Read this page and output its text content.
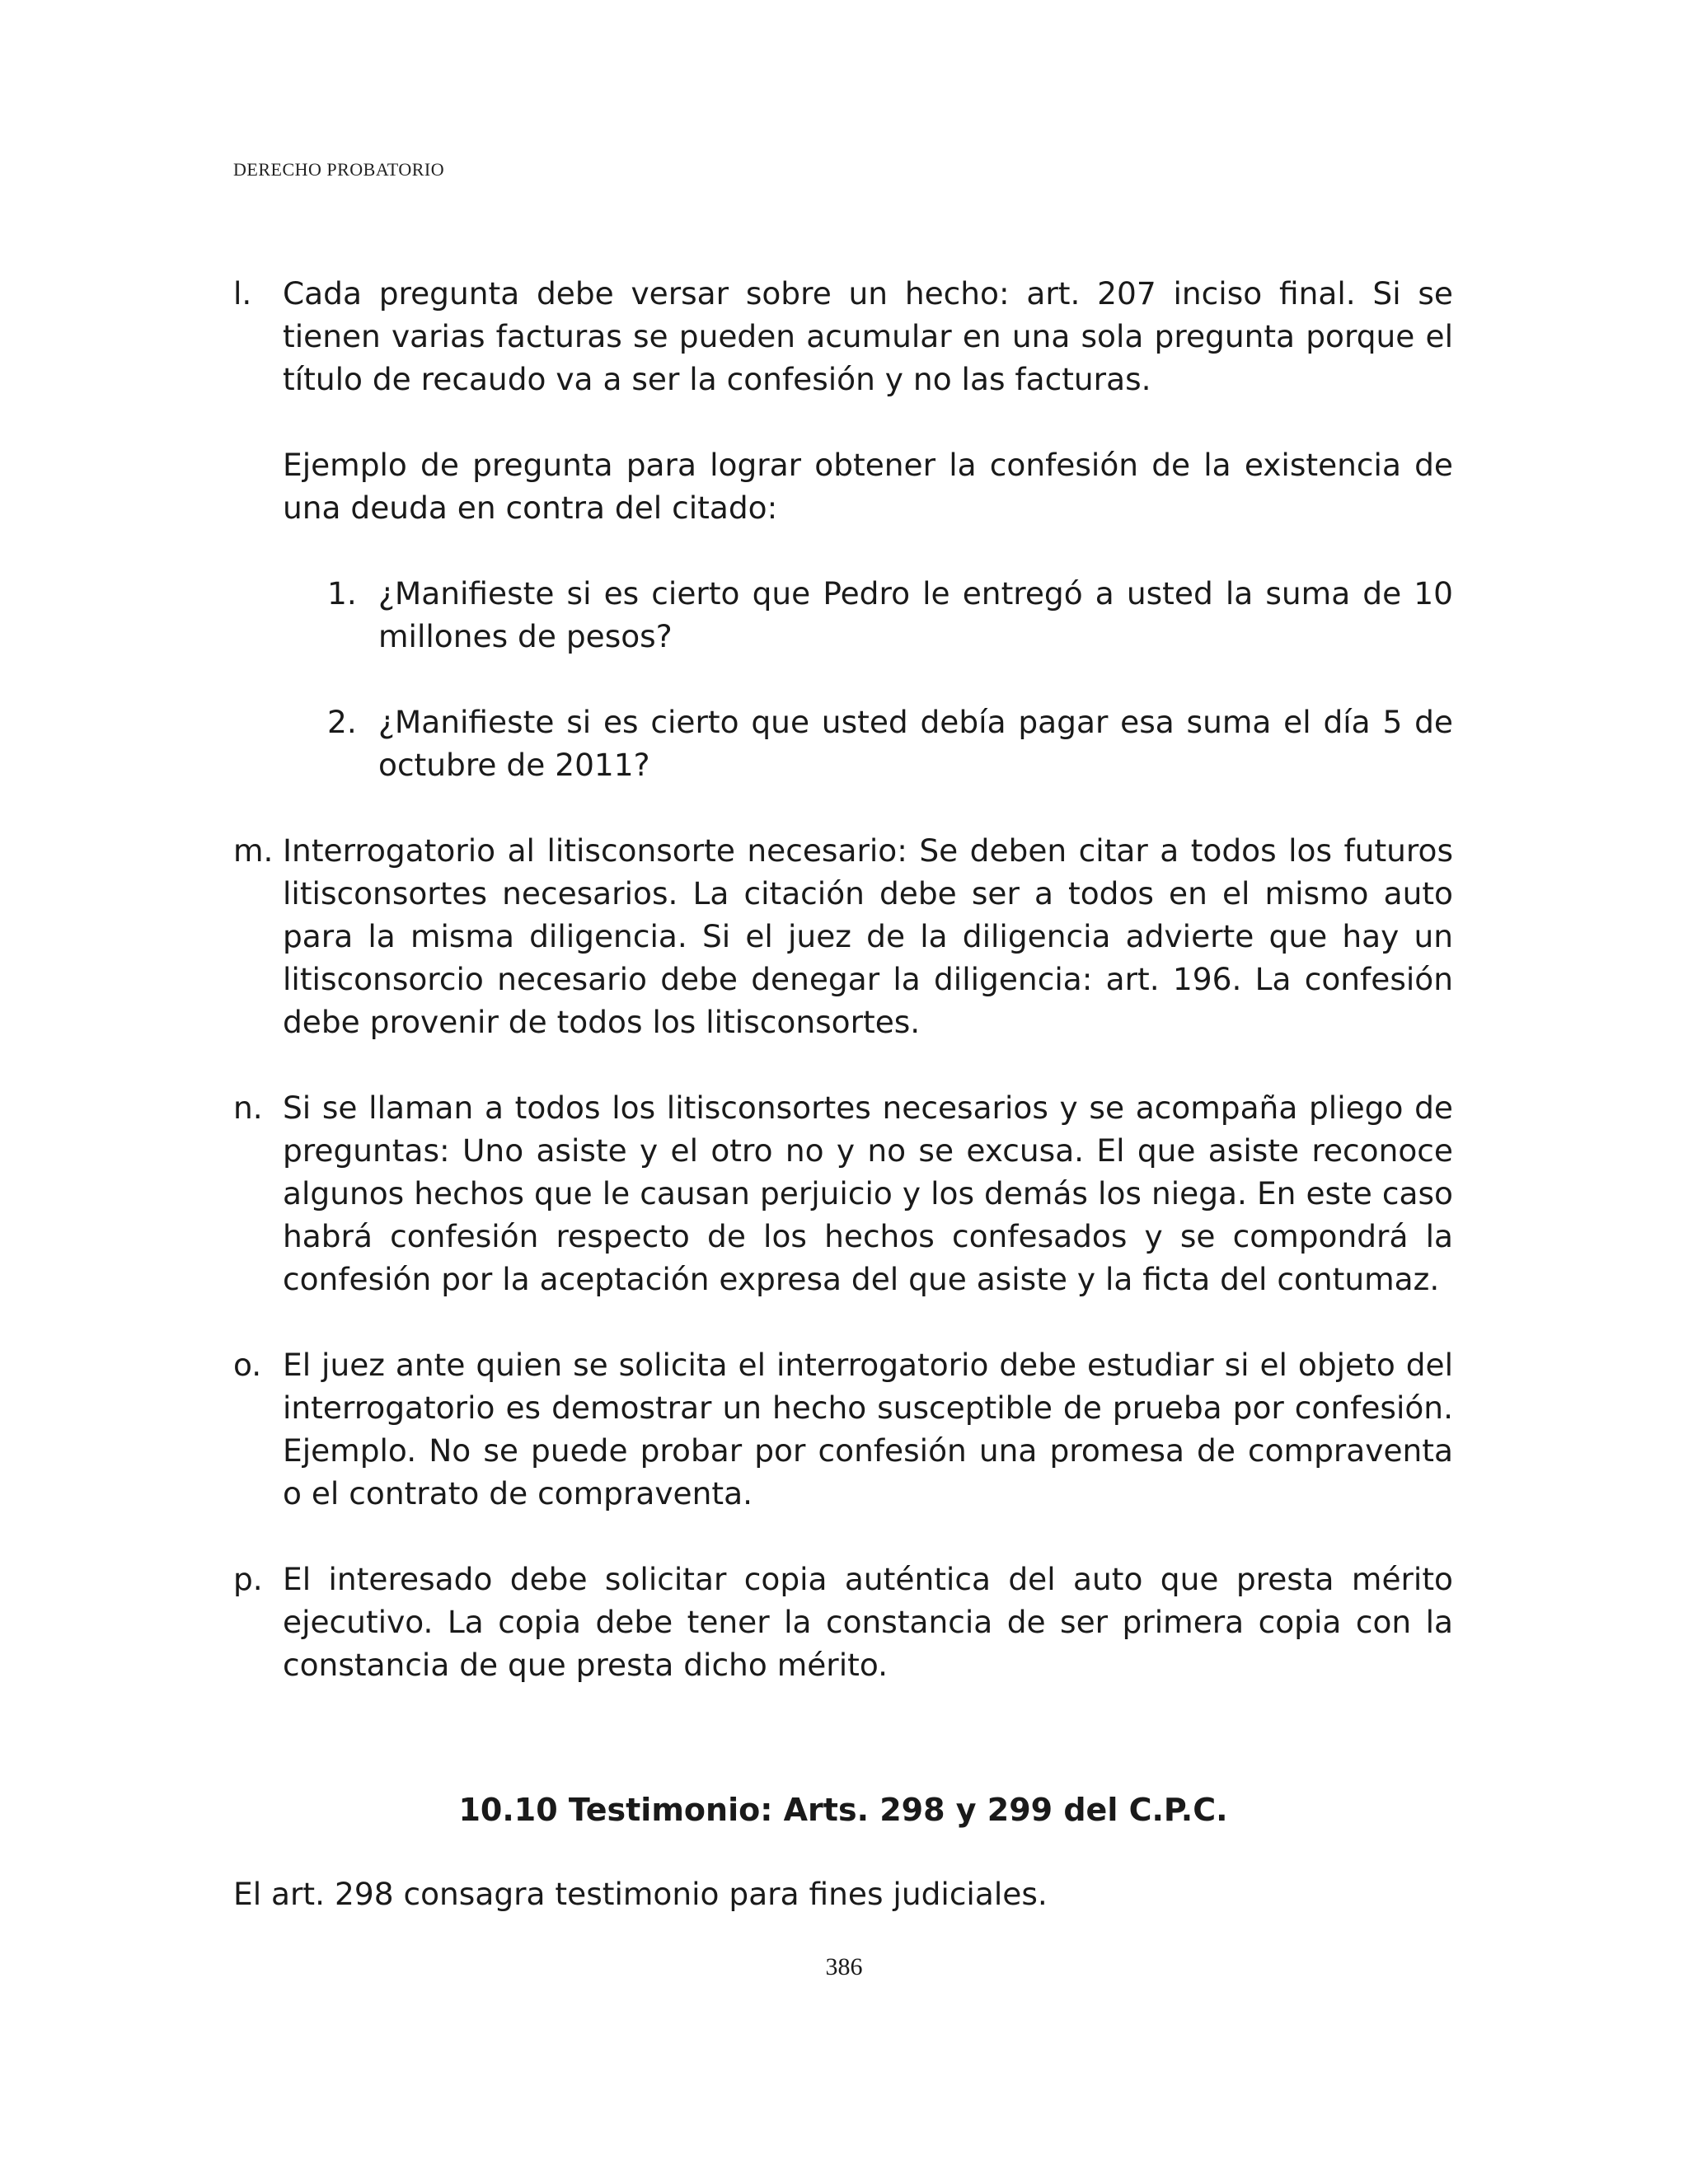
DERECHO PROBATORIO
l.	Cada pregunta debe versar sobre un hecho: art. 207 inciso final. Si se tienen varias facturas se pueden acumular en una sola pregunta porque el título de recaudo va a ser la confesión y no las facturas.

Ejemplo de pregunta para lograr obtener la confesión de la existencia de una deuda en contra del citado:

1. ¿Manifieste si es cierto que Pedro le entregó a usted la suma de 10 millones de pesos?
2. ¿Manifieste si es cierto que usted debía pagar esa suma el día 5 de octubre de 2011?
m. Interrogatorio al litisconsorte necesario: Se deben citar a todos los futuros litisconsortes necesarios. La citación debe ser a todos en el mismo auto para la misma diligencia. Si el juez de la diligencia advierte que hay un litisconsorcio necesario debe denegar la diligencia: art. 196. La confesión debe provenir de todos los litisconsortes.
n. Si se llaman a todos los litisconsortes necesarios y se acompaña pliego de preguntas: Uno asiste y el otro no y no se excusa. El que asiste reconoce algunos hechos que le causan perjuicio y los demás los niega. En este caso habrá confesión respecto de los hechos confesados y se compondrá la confesión por la aceptación expresa del que asiste y la ficta del contumaz.
o. El juez ante quien se solicita el interrogatorio debe estudiar si el objeto del interrogatorio es demostrar un hecho susceptible de prueba por confesión. Ejemplo. No se puede probar por confesión una promesa de compraventa o el contrato de compraventa.
p. El interesado debe solicitar copia auténtica del auto que presta mérito ejecutivo. La copia debe tener la constancia de ser primera copia con la constancia de que presta dicho mérito.
10.10 Testimonio: Arts. 298 y 299 del C.P.C.
El art. 298 consagra testimonio para fines judiciales.
386
